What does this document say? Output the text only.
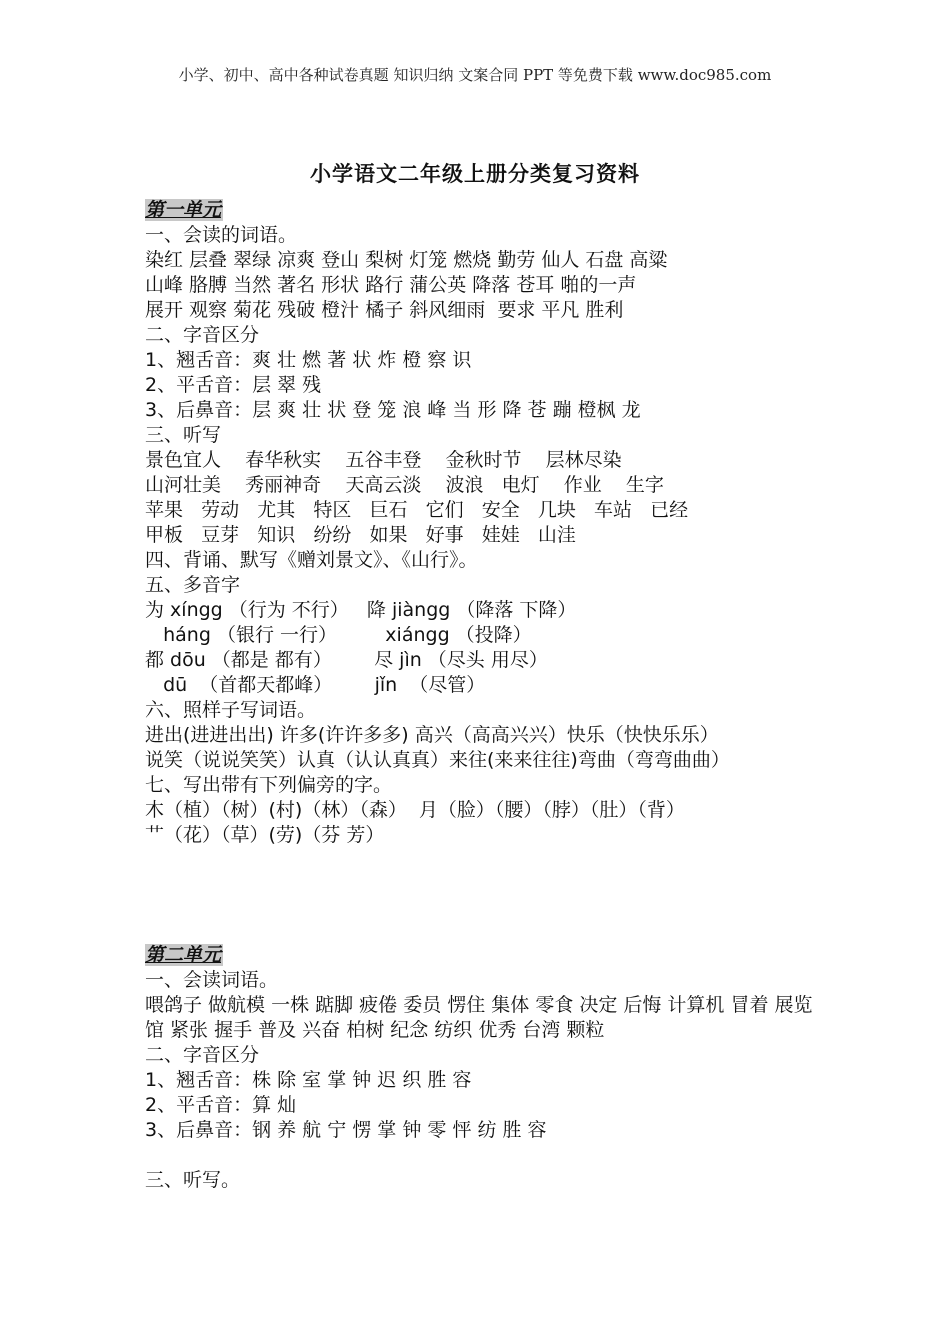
小学、初中、高中各种试卷真题 知识归纳 文案合同 PPT 等免费下载 www.doc985.com
小学语文二年级上册分类复习资料
第一单元
一、会读的词语。
染红 层叠 翠绿 凉爽 登山 梨树 灯笼 燃烧 勤劳 仙人 石盘 高粱
山峰 胳膊 当然 著名 形状 路行 蒲公英 降落 苍耳 啪的一声
展开 观察 菊花 残破 橙汁 橘子 斜风细雨  要求 平凡 胜利
二、字音区分
1、翘舌音：爽 壮 燃 著 状 炸 橙 察 识
2、平舌音：层 翠 残
3、后鼻音：层 爽 壮 状 登 笼 浪 峰 当 形 降 苍 蹦 橙枫 龙
三、听写
景色宜人    春华秋实    五谷丰登    金秋时节    层林尽染
山河壮美    秀丽神奇    天高云淡    波浪   电灯    作业    生字
苹果   劳动   尤其   特区   巨石   它们   安全   几块   车站   已经
甲板   豆芽   知识   纷纷   如果   好事   娃娃   山洼
四、背诵、默写《赠刘景文》、《山行》。
五、多音字
为 xíngg （行为 不行）   降 jiàngg （降落 下降）
háng （银行 一行）        xiángg （投降）
都 dōu （都是 都有）       尽 jìn （尽头 用尽）
dū  （首都天都峰）       jǐn  （尽管）
六、照样子写词语。
进出(进进出出) 许多(许许多多) 高兴（高高兴兴）快乐（快快乐乐）
说笑（说说笑笑）认真（认认真真）来往(来来往往)弯曲（弯弯曲曲）
七、写出带有下列偏旁的字。
木（植）（树）(村)（林）（森）  月（脸）（腰）（脖）（肚）（背）
艹（花）（草）(劳)（芬 芳）
第二单元
一、会读词语。
喂鸽子 做航模 一株 踮脚 疲倦 委员 愣住 集体 零食 决定 后悔 计算机 冒着 展览馆 紧张 握手 普及 兴奋 柏树 纪念 纺织 优秀 台湾 颗粒
二、字音区分
1、翘舌音：株 除 室 掌 钟 迟 织 胜 容
2、平舌音：算 灿
3、后鼻音：钢 养 航 宁 愣 掌 钟 零 怦 纺 胜 容
三、听写。
